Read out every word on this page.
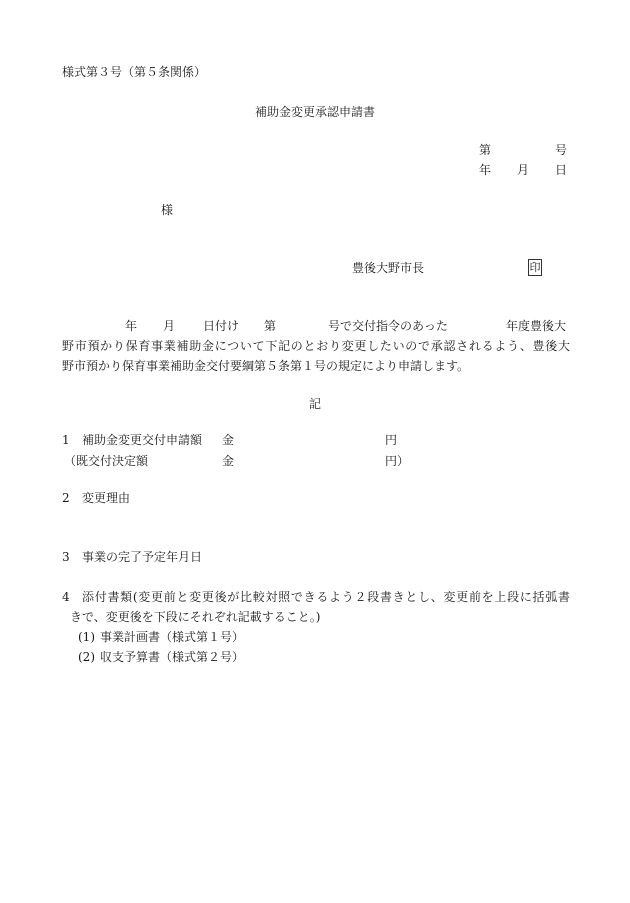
様式第３号（第５条関係）
補助金変更承認申請書
第	号
年 月 日
様
豊後大野市長	印
年 月 日付け 第	号で交付指令のあった	年度豊後大
野市預かり保育事業補助金について下記のとおり変更したいので承認されるよう、豊後大
野市預かり保育事業補助金交付要綱第５条第１号の規定により申請します。
記
1 補助金変更交付申請額 金	円
（既交付決定額	金	円）
2 変更理由
3 事業の完了予定年月日
4 添付書類(変更前と変更後が比較対照できるよう２段書きとし、変更前を上段に括弧書
きで、変更後を下段にそれぞれ記載すること。)
(1) 事業計画書（様式第１号）
(2) 収支予算書（様式第２号）
